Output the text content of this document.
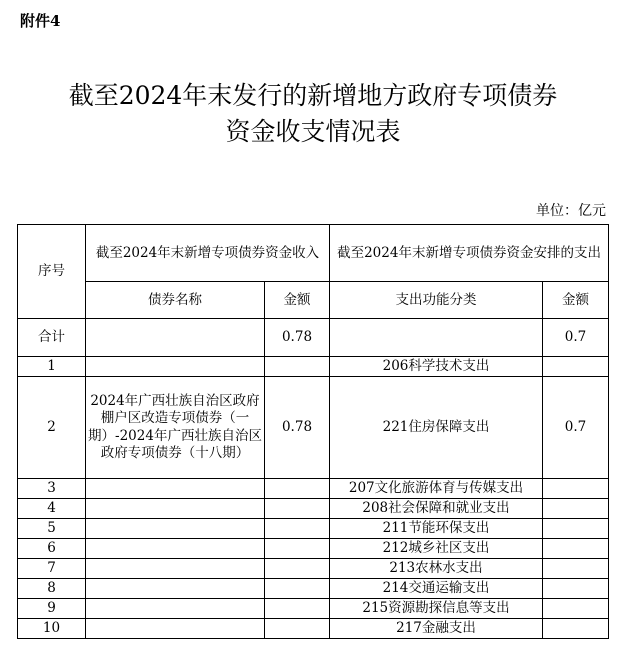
附件4
截至2024年末发行的新增地方政府专项债券
资金收支情况表
单位：亿元
序号	截至2024年末新增专项债券资金收入		截至2024年末新增专项债券资金安排的支出	
	债券名称	金额	支出功能分类	金额
合计		0.78		0.7
1			206科学技术支出	
2	2024年广西壮族自治区政府棚户区改造专项债券（一期）-2024年广西壮族自治区政府专项债券（十八期）	0.78	221住房保障支出	0.7
3			207文化旅游体育与传媒支出	
4			208社会保障和就业支出	
5			211节能环保支出	
6			212城乡社区支出	
7			213农林水支出	
8			214交通运输支出	
9			215资源勘探信息等支出	
10			217金融支出	
